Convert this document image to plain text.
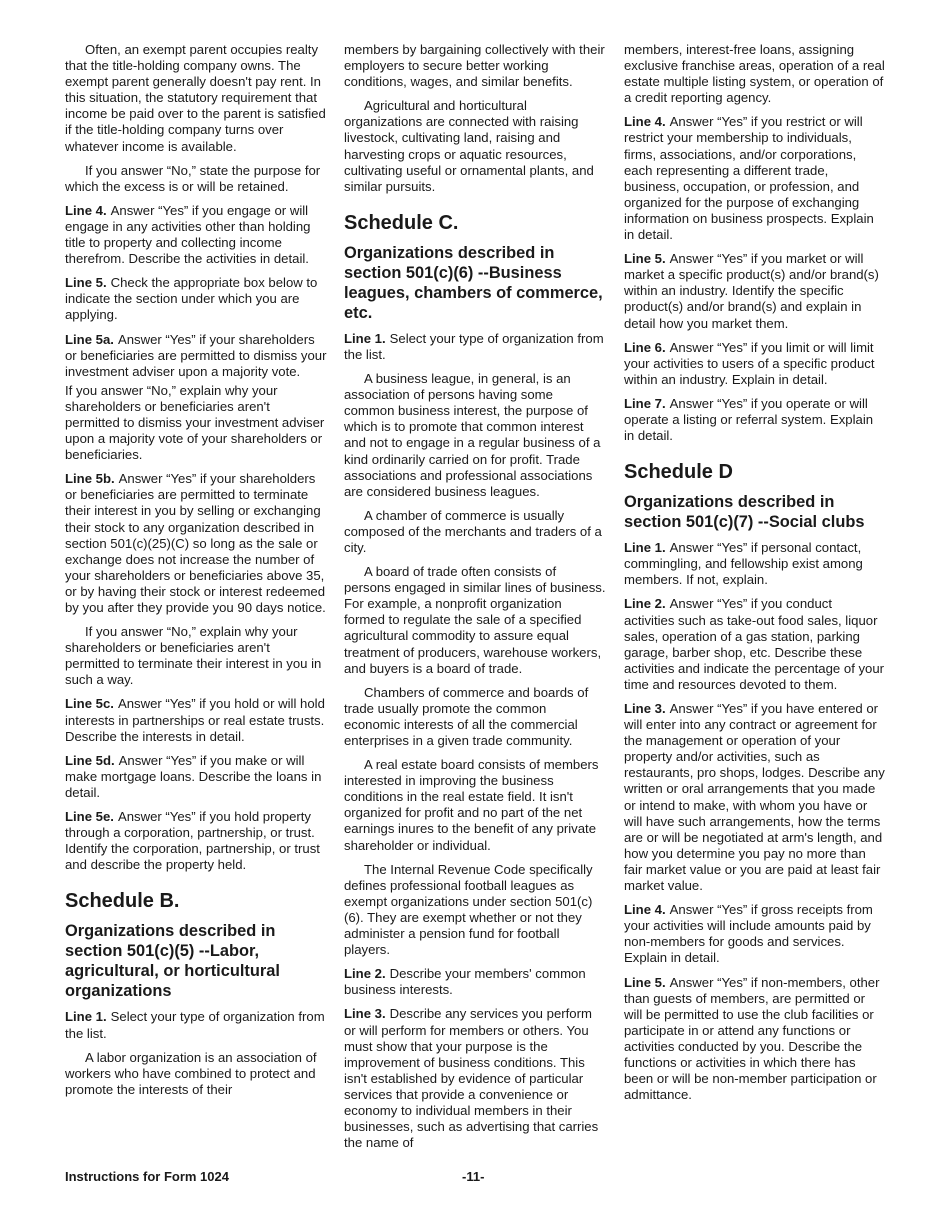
Often, an exempt parent occupies realty that the title-holding company owns. The exempt parent generally doesn't pay rent. In this situation, the statutory requirement that income be paid over to the parent is satisfied if the title-holding company turns over whatever income is available.

If you answer “No,” state the purpose for which the excess is or will be retained.

Line 4. Answer “Yes” if you engage or will engage in any activities other than holding title to property and collecting income therefrom. Describe the activities in detail.

Line 5. Check the appropriate box below to indicate the section under which you are applying.

Line 5a. Answer “Yes” if your shareholders or beneficiaries are permitted to dismiss your investment adviser upon a majority vote.

If you answer “No,” explain why your shareholders or beneficiaries aren't permitted to dismiss your investment adviser upon a majority vote of your shareholders or beneficiaries.

Line 5b. Answer “Yes” if your shareholders or beneficiaries are permitted to terminate their interest in you by selling or exchanging their stock to any organization described in section 501(c)(25)(C) so long as the sale or exchange does not increase the number of your shareholders or beneficiaries above 35, or by having their stock or interest redeemed by you after they provide you 90 days notice.

If you answer “No,” explain why your shareholders or beneficiaries aren't permitted to terminate their interest in you in such a way.

Line 5c. Answer “Yes” if you hold or will hold interests in partnerships or real estate trusts. Describe the interests in detail.

Line 5d. Answer “Yes” if you make or will make mortgage loans. Describe the loans in detail.

Line 5e. Answer “Yes” if you hold property through a corporation, partnership, or trust. Identify the corporation, partnership, or trust and describe the property held.

Schedule B.
Organizations described in section 501(c)(5) --Labor, agricultural, or horticultural organizations

Line 1. Select your type of organization from the list.

A labor organization is an association of workers who have combined to protect and promote the interests of their

members by bargaining collectively with their employers to secure better working conditions, wages, and similar benefits.

Agricultural and horticultural organizations are connected with raising livestock, cultivating land, raising and harvesting crops or aquatic resources, cultivating useful or ornamental plants, and similar pursuits.

Schedule C.
Organizations described in section 501(c)(6) --Business leagues, chambers of commerce, etc.

Line 1. Select your type of organization from the list.

A business league, in general, is an association of persons having some common business interest, the purpose of which is to promote that common interest and not to engage in a regular business of a kind ordinarily carried on for profit. Trade associations and professional associations are considered business leagues.

A chamber of commerce is usually composed of the merchants and traders of a city.

A board of trade often consists of persons engaged in similar lines of business. For example, a nonprofit organization formed to regulate the sale of a specified agricultural commodity to assure equal treatment of producers, warehouse workers, and buyers is a board of trade.

Chambers of commerce and boards of trade usually promote the common economic interests of all the commercial enterprises in a given trade community.

A real estate board consists of members interested in improving the business conditions in the real estate field. It isn't organized for profit and no part of the net earnings inures to the benefit of any private shareholder or individual.

The Internal Revenue Code specifically defines professional football leagues as exempt organizations under section 501(c)(6). They are exempt whether or not they administer a pension fund for football players.

Line 2. Describe your members' common business interests.

Line 3. Describe any services you perform or will perform for members or others. You must show that your purpose is the improvement of business conditions. This isn't established by evidence of particular services that provide a convenience or economy to individual members in their businesses, such as advertising that carries the name of

members, interest-free loans, assigning exclusive franchise areas, operation of a real estate multiple listing system, or operation of a credit reporting agency.

Line 4. Answer “Yes” if you restrict or will restrict your membership to individuals, firms, associations, and/or corporations, each representing a different trade, business, occupation, or profession, and organized for the purpose of exchanging information on business prospects. Explain in detail.

Line 5. Answer “Yes” if you market or will market a specific product(s) and/or brand(s) within an industry. Identify the specific product(s) and/or brand(s) and explain in detail how you market them.

Line 6. Answer “Yes” if you limit or will limit your activities to users of a specific product within an industry. Explain in detail.

Line 7. Answer “Yes” if you operate or will operate a listing or referral system. Explain in detail.

Schedule D
Organizations described in section 501(c)(7) --Social clubs

Line 1. Answer “Yes” if personal contact, commingling, and fellowship exist among members. If not, explain.

Line 2. Answer “Yes” if you conduct activities such as take-out food sales, liquor sales, operation of a gas station, parking garage, barber shop, etc. Describe these activities and indicate the percentage of your time and resources devoted to them.

Line 3. Answer “Yes” if you have entered or will enter into any contract or agreement for the management or operation of your property and/or activities, such as restaurants, pro shops, lodges. Describe any written or oral arrangements that you made or intend to make, with whom you have or will have such arrangements, how the terms are or will be negotiated at arm's length, and how you determine you pay no more than fair market value or you are paid at least fair market value.

Line 4. Answer “Yes” if gross receipts from your activities will include amounts paid by non-members for goods and services. Explain in detail.

Line 5. Answer “Yes” if non-members, other than guests of members, are permitted or will be permitted to use the club facilities or participate in or attend any functions or activities conducted by you. Describe the functions or activities in which there has been or will be non-member participation or admittance.

Instructions for Form 1024	-11-
